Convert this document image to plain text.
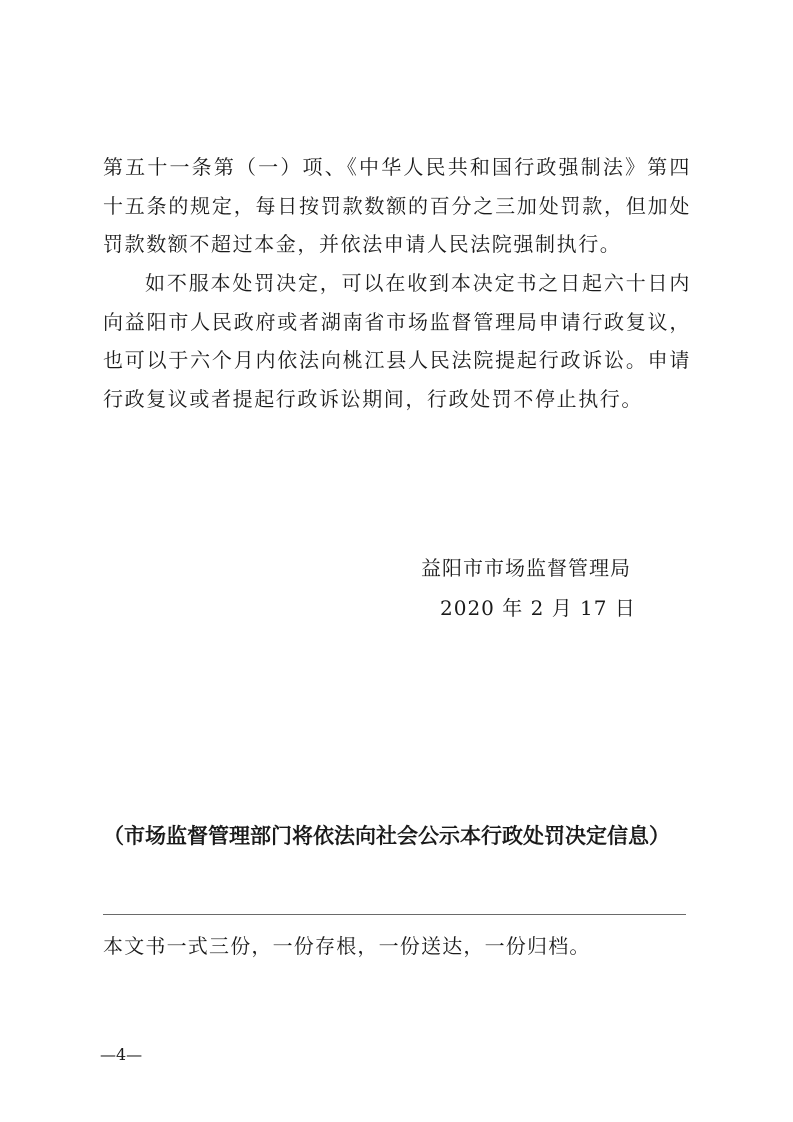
第五十一条第（一）项、《中华人民共和国行政强制法》第四十五条的规定，每日按罚款数额的百分之三加处罚款，但加处罚款数额不超过本金，并依法申请人民法院强制执行。

如不服本处罚决定，可以在收到本决定书之日起六十日内向益阳市人民政府或者湖南省市场监督管理局申请行政复议，也可以于六个月内依法向桃江县人民法院提起行政诉讼。申请行政复议或者提起行政诉讼期间，行政处罚不停止执行。

益阳市市场监督管理局

2020 年 2 月 17 日

（市场监督管理部门将依法向社会公示本行政处罚决定信息）

本文书一式三份，一份存根，一份送达，一份归档。

—4—
